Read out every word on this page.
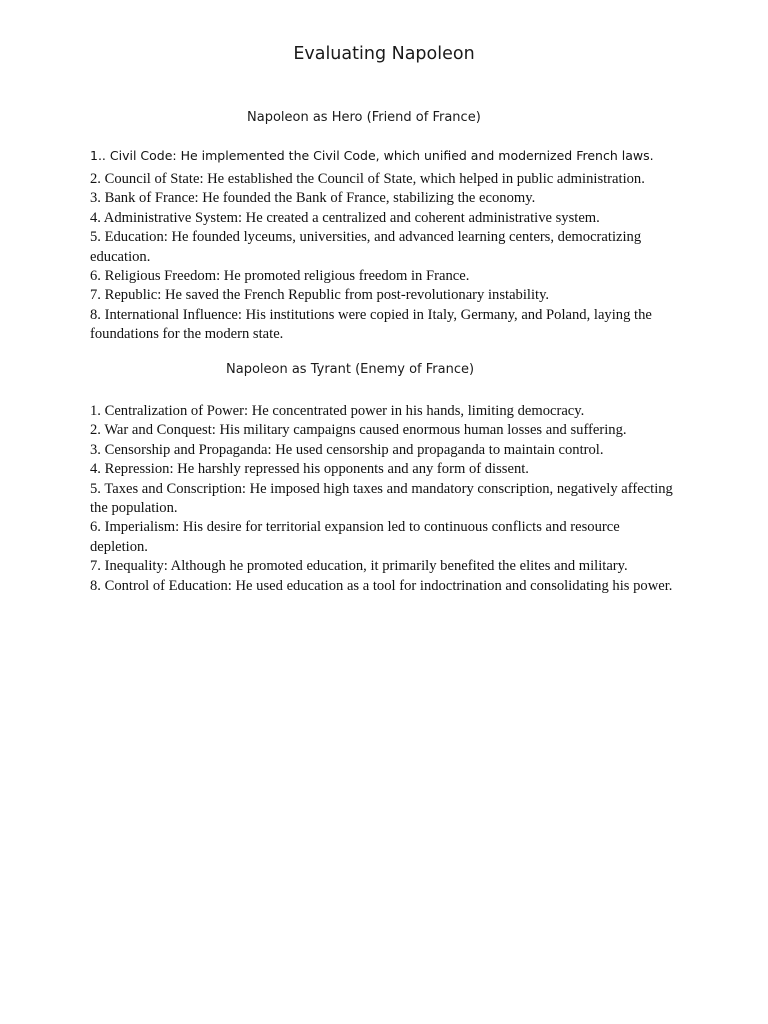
Evaluating Napoleon
Napoleon as Hero (Friend of France)

1.. Civil Code: He implemented the Civil Code, which unified and modernized French laws.

2. Council of State: He established the Council of State, which helped in public administration.
3. Bank of France: He founded the Bank of France, stabilizing the economy.
4. Administrative System: He created a centralized and coherent administrative system.
5. Education: He founded lyceums, universities, and advanced learning centers, democratizing education.
6. Religious Freedom: He promoted religious freedom in France.
7. Republic: He saved the French Republic from post-revolutionary instability.
8. International Influence: His institutions were copied in Italy, Germany, and Poland, laying the foundations for the modern state.
Napoleon as Tyrant (Enemy of France)
1. Centralization of Power: He concentrated power in his hands, limiting democracy.
2. War and Conquest: His military campaigns caused enormous human losses and suffering.
3. Censorship and Propaganda: He used censorship and propaganda to maintain control.
4. Repression: He harshly repressed his opponents and any form of dissent.
5. Taxes and Conscription: He imposed high taxes and mandatory conscription, negatively affecting the population.
6. Imperialism: His desire for territorial expansion led to continuous conflicts and resource depletion.
7. Inequality: Although he promoted education, it primarily benefited the elites and military.
8. Control of Education: He used education as a tool for indoctrination and consolidating his power.
